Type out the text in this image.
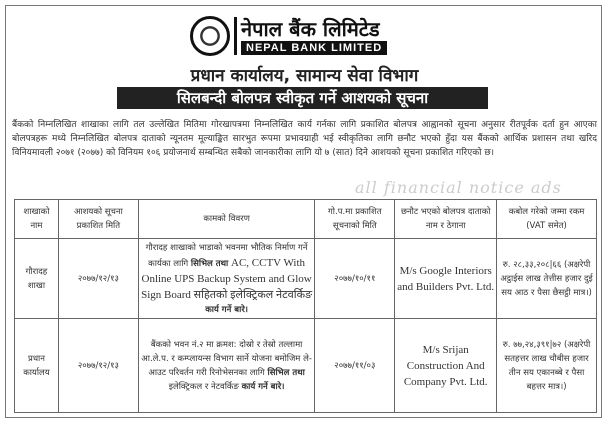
नेपाल बैंक लिमिटेड
NEPAL BANK LIMITED
प्रधान कार्यालय, सामान्य सेवा विभाग
सिलबन्दी बोलपत्र स्वीकृत गर्ने आशयको सूचना
बैंकको निम्नलिखित शाखाका लागि तल उल्लेखित मितिमा गोरखापत्रमा निम्नलिखित कार्य गर्नका लागि प्रकाशित बोलपत्र आह्वानको सूचना अनुसार रीतपूर्वक दर्ता हुन आएका बोलपत्रहरू मध्ये निम्नलिखित बोलपत्र दाताको न्यूनतम मूल्याङ्कित सारभुत रूपमा प्रभावग्राही भई स्वीकृतिका लागि छनौट भएको हुँदा यस बैंकको आर्थिक प्रशासन तथा खरिद विनियमावली २०७१ (२०७७) को विनियम १०६ प्रयोजनार्थ सम्बन्धित सबैको जानकारीका लागि यो ७ (सात) दिने आशयको सूचना प्रकाशित गरिएको छ।
all financial notice ads
शाखाको नाम	आशयको सूचना प्रकाशित मिति	कामको विवरण	गो.प.मा प्रकाशित सूचनाको मिति	छनौट भएको बोलपत्र दाताको नाम र ठेगाना	कबोल गरेको जम्मा रकम (VAT समेत)
गौरादह शाखा	२०७७/१२/१३	गौरादह शाखाको भाडाको भवनमा भौतिक निर्माण गर्ने कार्यका लागि सिभिल तथा AC, CCTV With Online UPS Backup System and Glow Sign Board सहितको इलेक्ट्रिकल नेटवर्किङ कार्य गर्ने बारे।	२०७७/१०/११	M/s Google Interiors and Builders Pvt. Ltd.	रु. २८,३३,२०८|६६ (अक्षरेपी अट्ठाईस लाख तेत्तीस हजार दुई सय आठ र पैसा छैसट्ठी मात्र।)
प्रधान कार्यालय	२०७७/१२/१३	बैंकको भवन नं.२ मा क्रमश: दोस्रो र तेस्रो तल्लामा आ.ले.प. र कम्प्लायन्स विभाग सार्ने योजना बमोजिम ले-आउट परिवर्तन गरी रिनोभेसनका लागि सिभिल तथा इलेक्ट्रिकल र नेटवर्किङ कार्य गर्ने बारे।	२०७७/११/०३	M/s Srijan Construction And Company Pvt. Ltd.	रु. ७७,२४,३९१|७२ (अक्षरेपी सतहत्तर लाख चौबीस हजार तीन सय एकानब्बे र पैसा बहत्तर मात्र।)
